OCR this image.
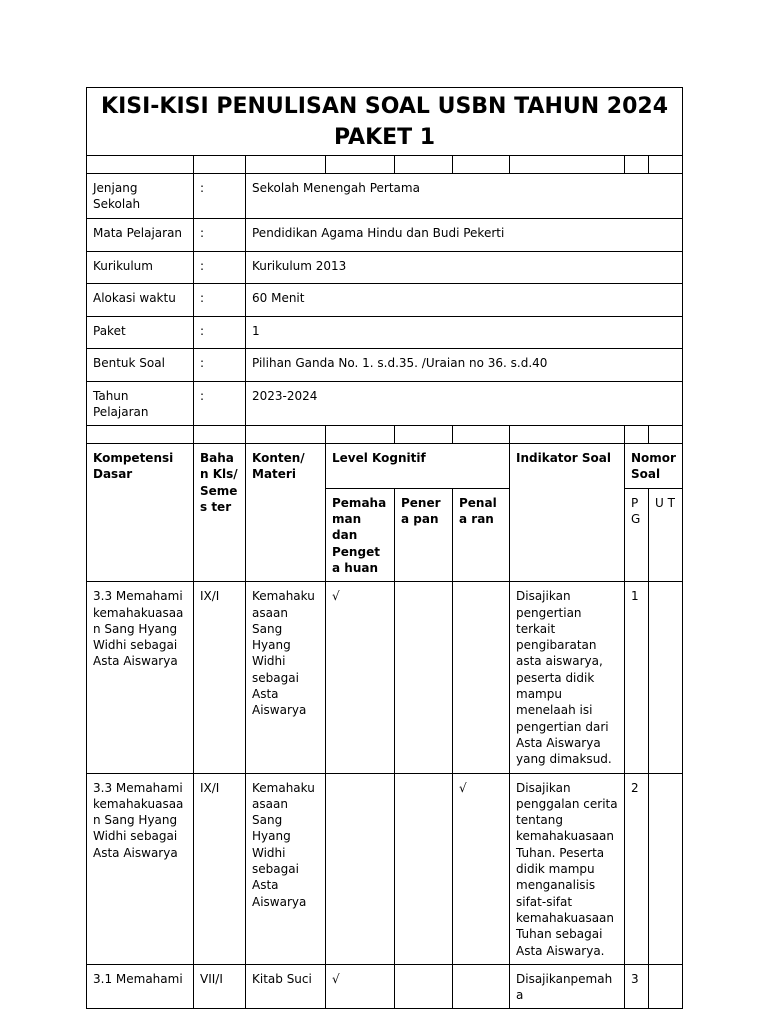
KISI-KISI PENULISAN SOAL USBN TAHUN 2024
PAKET 1								

Jenjang Sekolah	:	Sekolah Menengah Pertama						
Mata Pelajaran	:	Pendidikan Agama Hindu dan Budi Pekerti						
Kurikulum	:	Kurikulum 2013						
Alokasi waktu	:	60 Menit						
Paket	:	1						
Bentuk Soal	:	Pilihan Ganda No. 1. s.d.35. /Uraian no 36. s.d.40						
Tahun Pelajaran	:	2023-2024						

Kompetensi Dasar	Bahan Kls/ Semes ter	Konten/ Materi	Level Kognitif			Indikator Soal	Nomor Soal	
			Pemaha man dan Pengeta huan	Penera pan	Penala ran		PG	U T
3.3 Memahami kemahakuasaan Sang Hyang Widhi sebagai Asta Aiswarya	IX/I	Kemahakuasaan Sang Hyang Widhi sebagai Asta Aiswarya	√			Disajikan pengertian terkait pengibaratan asta aiswarya, peserta didik mampu menelaah isi pengertian dari Asta Aiswarya yang dimaksud.	1	
3.3 Memahami kemahakuasaan Sang Hyang Widhi sebagai Asta Aiswarya	IX/I	Kemahakuasaan Sang Hyang Widhi sebagai Asta Aiswarya			√	Disajikan penggalan cerita tentang kemahakuasaan Tuhan. Peserta didik mampu menganalisis sifat-sifat kemahakuasaan Tuhan sebagai Asta Aiswarya.	2	
3.1 Memahami	VII/I	Kitab Suci	√			Disajikanpemaha	3	
